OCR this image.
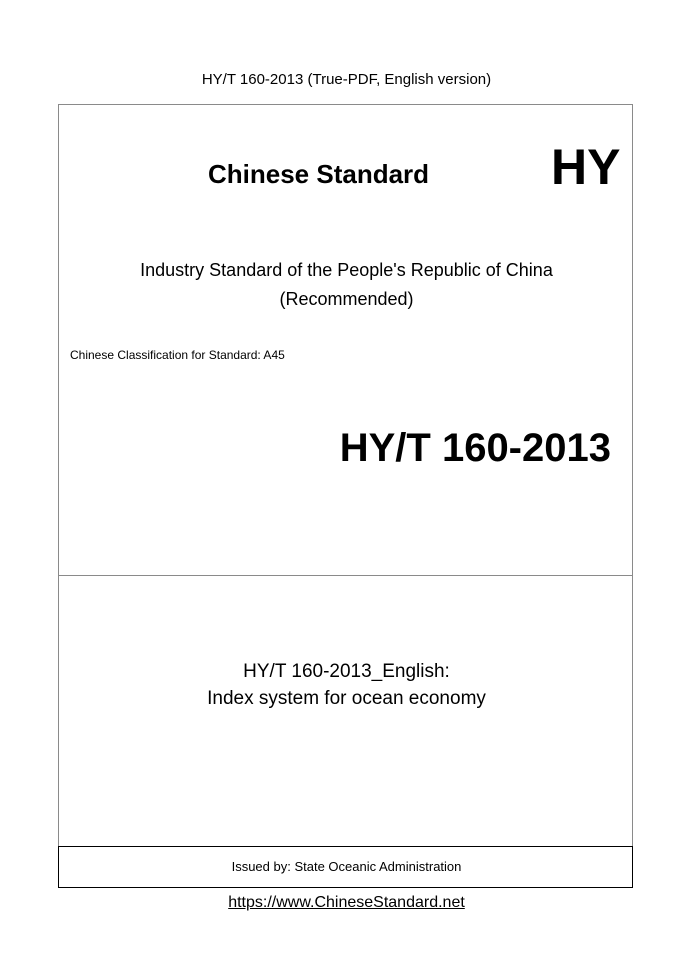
HY/T 160-2013 (True-PDF, English version)
Chinese Standard HY
Industry Standard of the People's Republic of China
(Recommended)
Chinese Classification for Standard: A45
HY/T 160-2013
HY/T 160-2013_English:
Index system for ocean economy
Issued by: State Oceanic Administration
https://www.ChineseStandard.net
